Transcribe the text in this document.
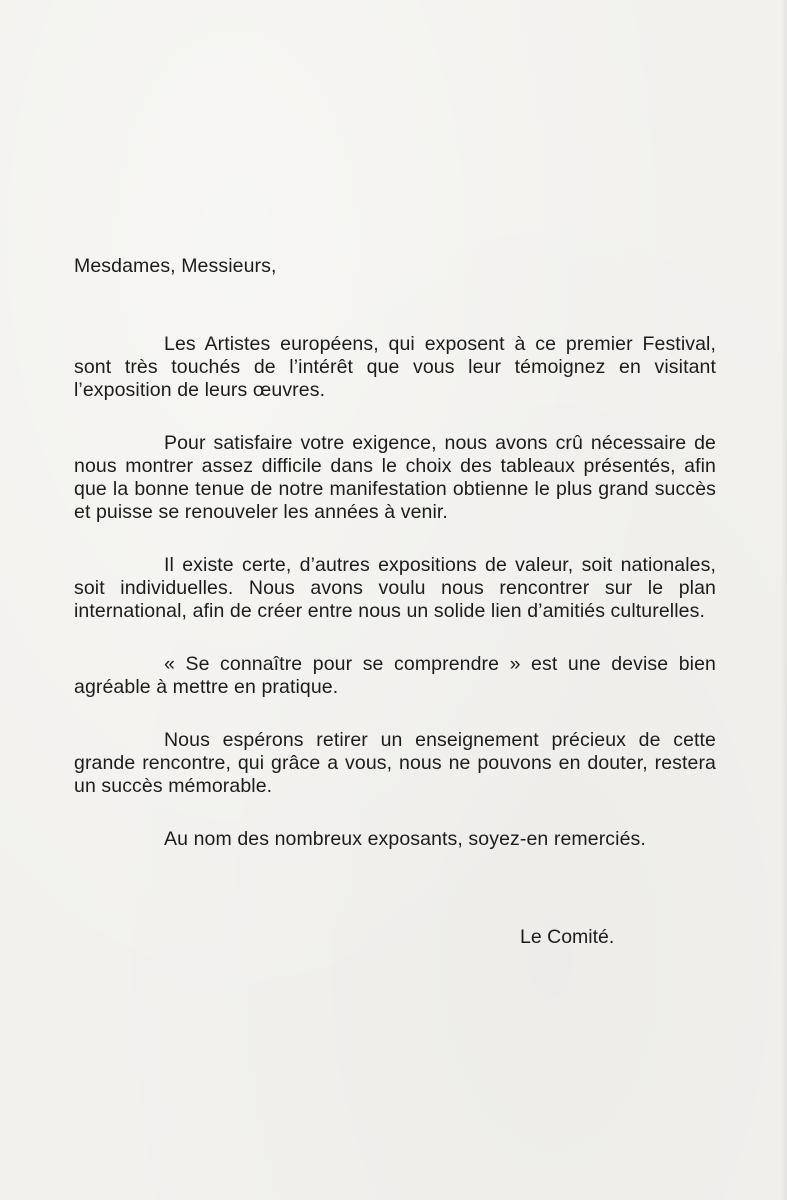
Mesdames, Messieurs,

Les Artistes européens, qui exposent à ce premier Festival, sont très touchés de l’intérêt que vous leur témoignez en visitant l’exposition de leurs œuvres.

Pour satisfaire votre exigence, nous avons crû nécessaire de nous montrer assez difficile dans le choix des tableaux présentés, afin que la bonne tenue de notre manifestation obtienne le plus grand succès et puisse se renouveler les années à venir.

Il existe certe, d’autres expositions de valeur, soit nationales, soit individuelles. Nous avons voulu nous rencontrer sur le plan international, afin de créer entre nous un solide lien d’amitiés culturelles.

« Se connaître pour se comprendre » est une devise bien agréable à mettre en pratique.

Nous espérons retirer un enseignement précieux de cette grande rencontre, qui grâce a vous, nous ne pouvons en douter, restera un succès mémorable.

Au nom des nombreux exposants, soyez-en remerciés.

Le Comité.
